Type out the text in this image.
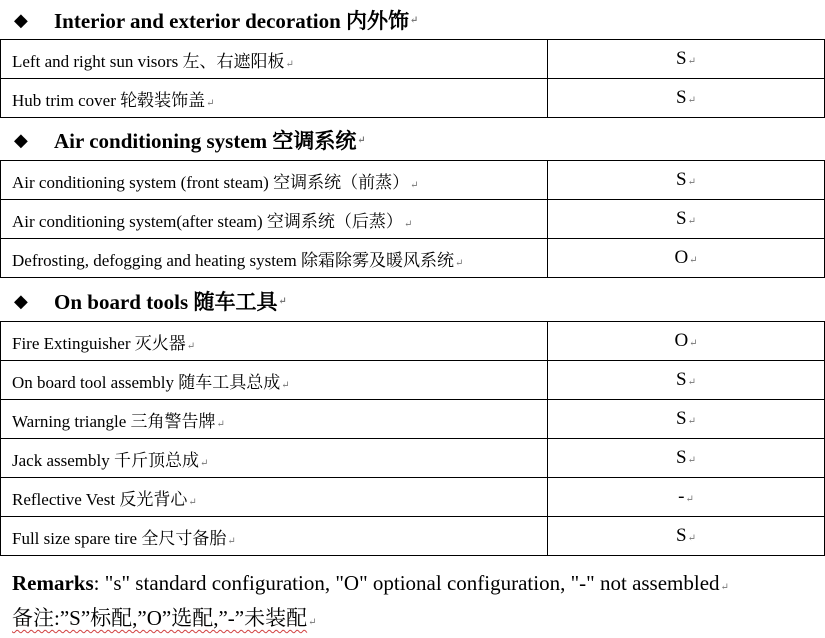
◆	Interior and exterior decoration 内外饰 ↵
Left and right sun visors 左、右遮阳板↵	S↵
Hub trim cover 轮毂装饰盖↵	S↵
◆	Air conditioning system 空调系统 ↵
Air conditioning system (front steam) 空调系统（前蒸）↵	S↵
Air conditioning system(after steam) 空调系统（后蒸）↵	S↵
Defrosting, defogging and heating system 除霜除雾及暖风系统↵	O↵
◆	On board tools 随车工具 ↵
Fire Extinguisher 灭火器↵	O↵
On board tool assembly 随车工具总成↵	S↵
Warning triangle 三角警告牌↵	S↵
Jack assembly 千斤顶总成↵	S↵
Reflective Vest 反光背心↵	-↵
Full size spare tire 全尺寸备胎↵	S↵
Remarks: "s" standard configuration, "O" optional configuration, "-" not assembled↵
备注:”S”标配,”O”选配,”-”未装配↵
